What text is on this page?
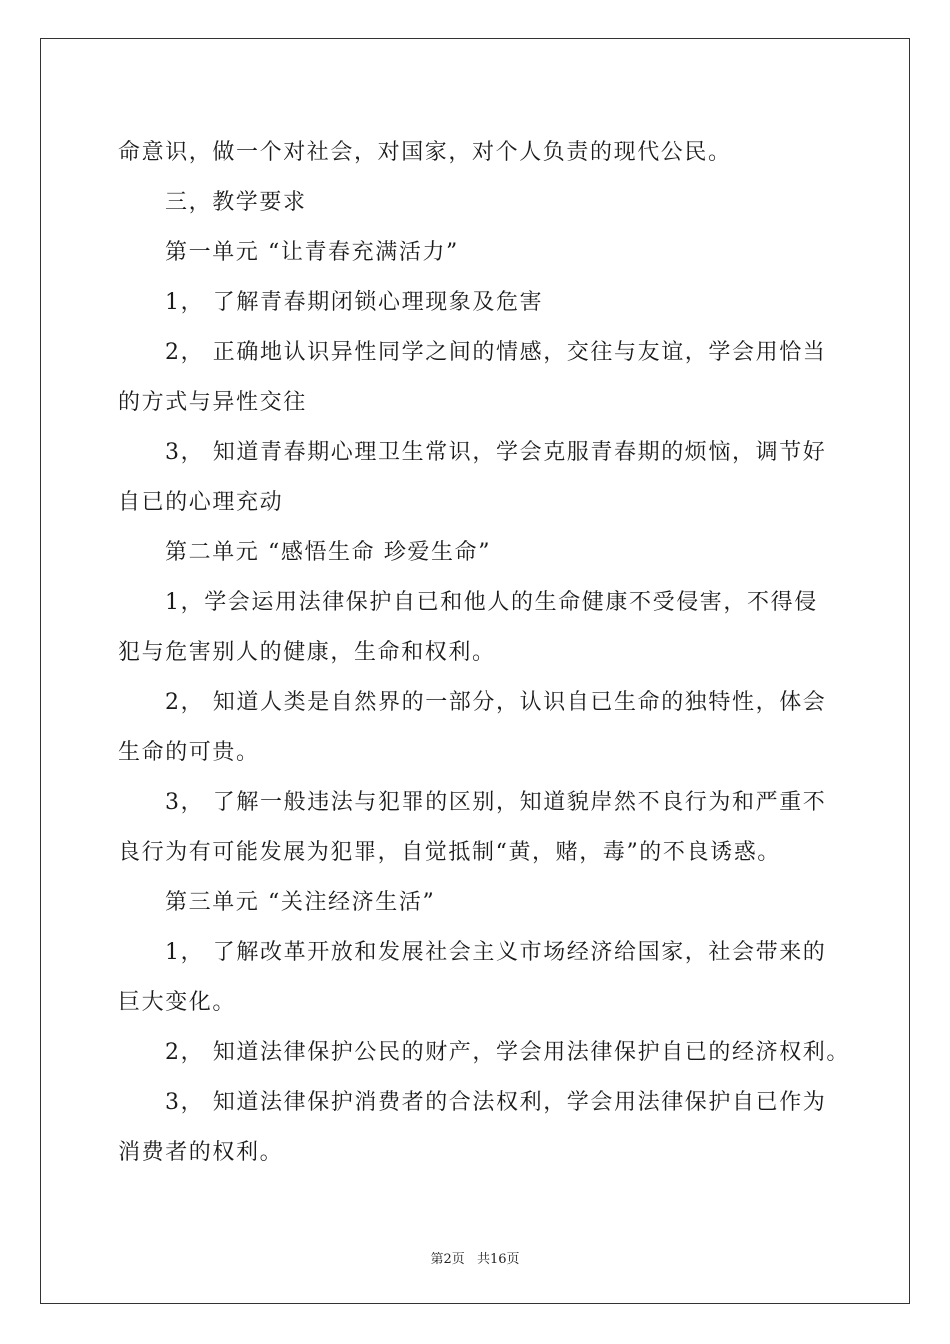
命意识，做一个对社会，对国家，对个人负责的现代公民。
三，教学要求
第一单元 “让青春充满活力”
1， 了解青春期闭锁心理现象及危害
2， 正确地认识异性同学之间的情感，交往与友谊，学会用恰当
的方式与异性交往
3， 知道青春期心理卫生常识，学会克服青春期的烦恼，调节好
自已的心理充动
第二单元 “感悟生命 珍爱生命”
1，学会运用法律保护自已和他人的生命健康不受侵害，不得侵
犯与危害别人的健康，生命和权利。
2， 知道人类是自然界的一部分，认识自已生命的独特性，体会
生命的可贵。
3， 了解一般违法与犯罪的区别，知道貌岸然不良行为和严重不
良行为有可能发展为犯罪，自觉抵制“黄，赌，毒”的不良诱惑。
第三单元 “关注经济生活”
1， 了解改革开放和发展社会主义市场经济给国家，社会带来的
巨大变化。
2， 知道法律保护公民的财产，学会用法律保护自已的经济权利。
3， 知道法律保护消费者的合法权利，学会用法律保护自已作为
消费者的权利。
第2页 共16页
